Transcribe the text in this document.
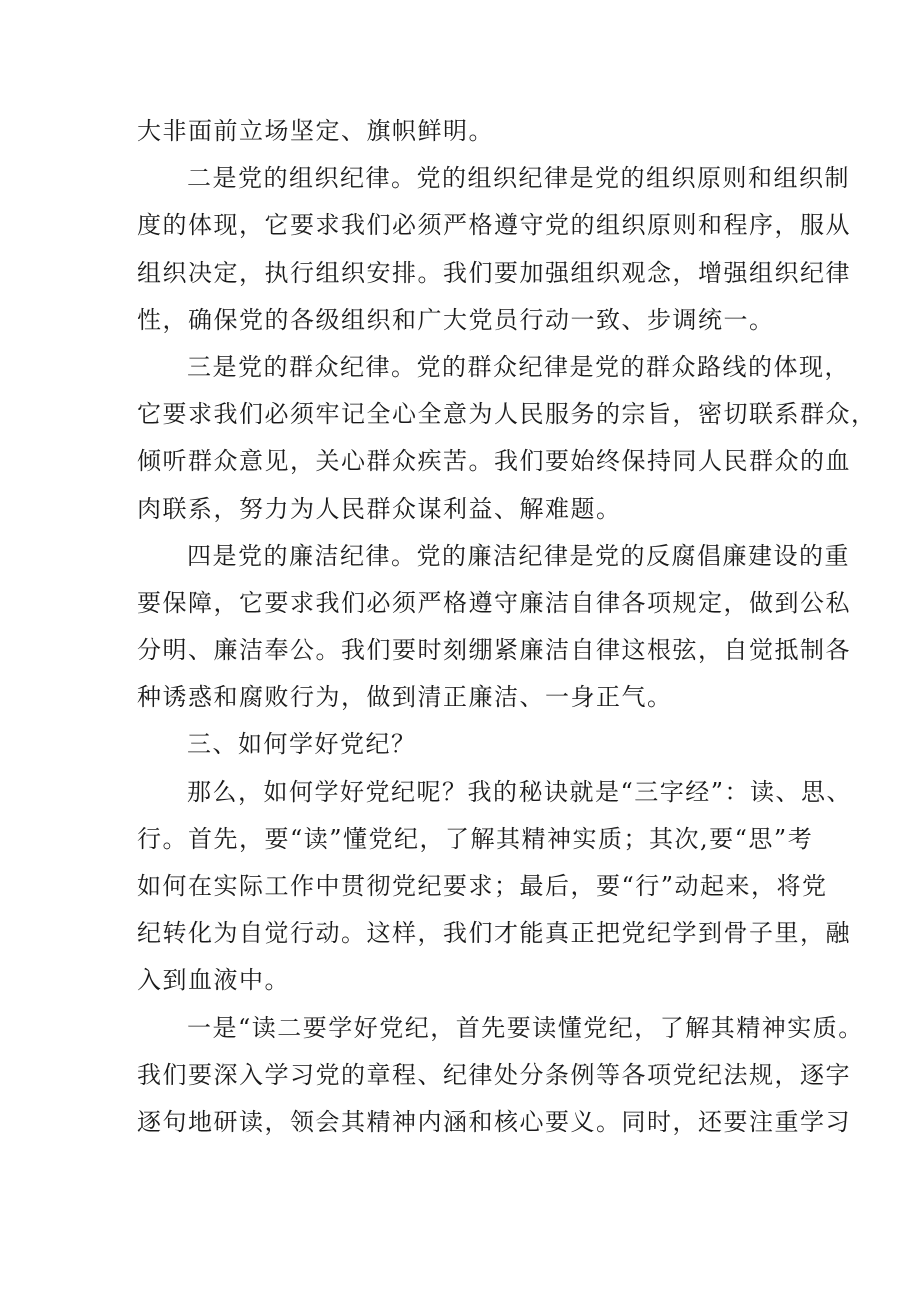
大非面前立场坚定、旗帜鲜明。
二是党的组织纪律。党的组织纪律是党的组织原则和组织制
度的体现，它要求我们必须严格遵守党的组织原则和程序，服从
组织决定，执行组织安排。我们要加强组织观念，增强组织纪律
性，确保党的各级组织和广大党员行动一致、步调统一。
三是党的群众纪律。党的群众纪律是党的群众路线的体现，
它要求我们必须牢记全心全意为人民服务的宗旨，密切联系群众，
倾听群众意见，关心群众疾苦。我们要始终保持同人民群众的血
肉联系，努力为人民群众谋利益、解难题。
四是党的廉洁纪律。党的廉洁纪律是党的反腐倡廉建设的重
要保障，它要求我们必须严格遵守廉洁自律各项规定，做到公私
分明、廉洁奉公。我们要时刻绷紧廉洁自律这根弦，自觉抵制各
种诱惑和腐败行为，做到清正廉洁、一身正气。
三、如何学好党纪？
那么，如何学好党纪呢？我的秘诀就是“三字经”：读、思、
行。首先，要“读”懂党纪，了解其精神实质；其次,要“思”考
如何在实际工作中贯彻党纪要求；最后，要“行”动起来，将党
纪转化为自觉行动。这样，我们才能真正把党纪学到骨子里，融
入到血液中。
一是“读二要学好党纪，首先要读懂党纪，了解其精神实质。
我们要深入学习党的章程、纪律处分条例等各项党纪法规，逐字
逐句地研读，领会其精神内涵和核心要义。同时，还要注重学习
